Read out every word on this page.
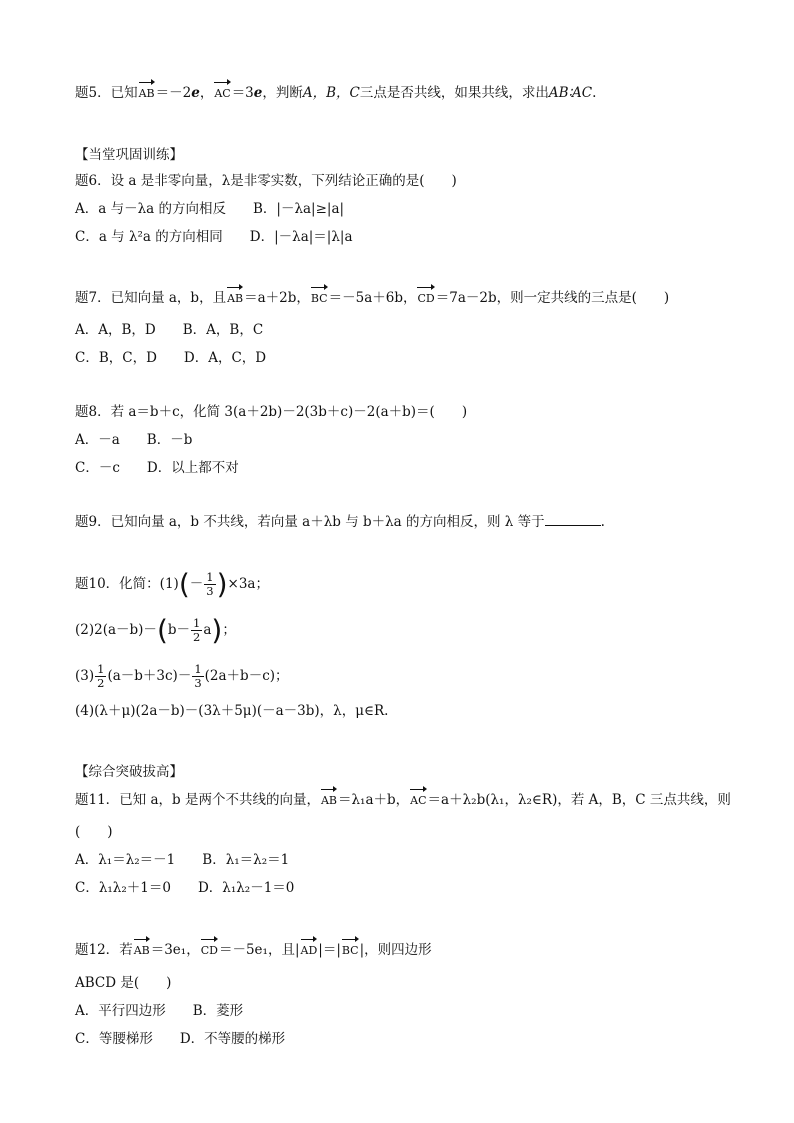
题5．已知AB＝－2e，AC＝3e，判断A，B，C三点是否共线，如果共线，求出AB∶AC.
【当堂巩固训练】
题6．设 a 是非零向量，λ是非零实数，下列结论正确的是(　　)
A．a 与－λa 的方向相反　　B．|－λa|≥|a|
C．a 与 λ²a 的方向相同　　D．|－λa|＝|λ|a
题7．已知向量 a，b，且AB＝a＋2b，BC＝－5a＋6b，CD＝7a－2b，则一定共线的三点是(　　)
A．A，B，D　　B．A，B，C
C．B，C，D　　D．A，C，D
题8．若 a＝b＋c，化简 3(a＋2b)－2(3b＋c)－2(a＋b)＝(　　)
A．－a　　B．－b
C．－c　　D．以上都不对
题9．已知向量 a，b 不共线，若向量 a＋λb 与 b＋λa 的方向相反，则 λ 等于	.
题10．化简：$(1)(- \frac{1}{3} )\times 3a$；
$(2)2(a-b)-(b- \frac{1}{2} a)$；
$(3) \frac{1}{2} (a-b+3c)- \frac{1}{3} (2a+b-c)$；
(4)(λ＋μ)(2a－b)－(3λ＋5μ)(－a－3b)，λ，μ∈R.
【综合突破拔高】
题11．已知 a，b 是两个不共线的向量，AB＝λ₁a＋b，AC＝a＋λ₂b(λ₁，λ₂∈R)，若 A，B，C 三点共线，则
(　　)
A．λ₁＝λ₂＝－1　　B．λ₁＝λ₂＝1
C．λ₁λ₂＋1＝0　　D．λ₁λ₂－1＝0
题12．若AB＝3e₁，CD＝－5e₁，且|AD|＝|BC|，则四边形
ABCD 是(　　)
A．平行四边形　　B．菱形
C．等腰梯形　　D．不等腰的梯形
